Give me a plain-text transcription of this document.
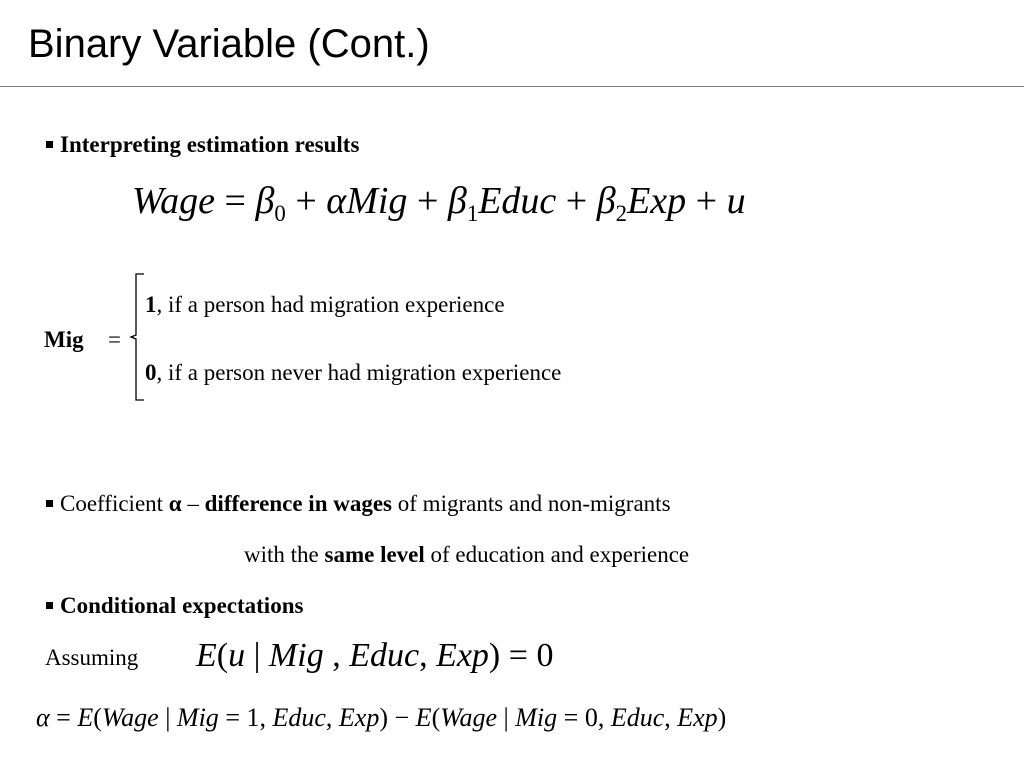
Binary Variable (Cont.)
Interpreting estimation results
Wage = $\beta_0 + \alpha Mig$ + $\beta_1Educ + \beta_2Exp + u$
Mig =
1, if a person had migration experience
0, if a person never had migration experience
Coefficient α – difference in wages of migrants and non-migrants
with the same level of education and experience
Conditional expectations
Assuming E(u | Mig , Educ, Exp) = 0
α = E(Wage | Mig = 1, Educ, Exp) − E(Wage | Mig = 0, Educ, Exp)
